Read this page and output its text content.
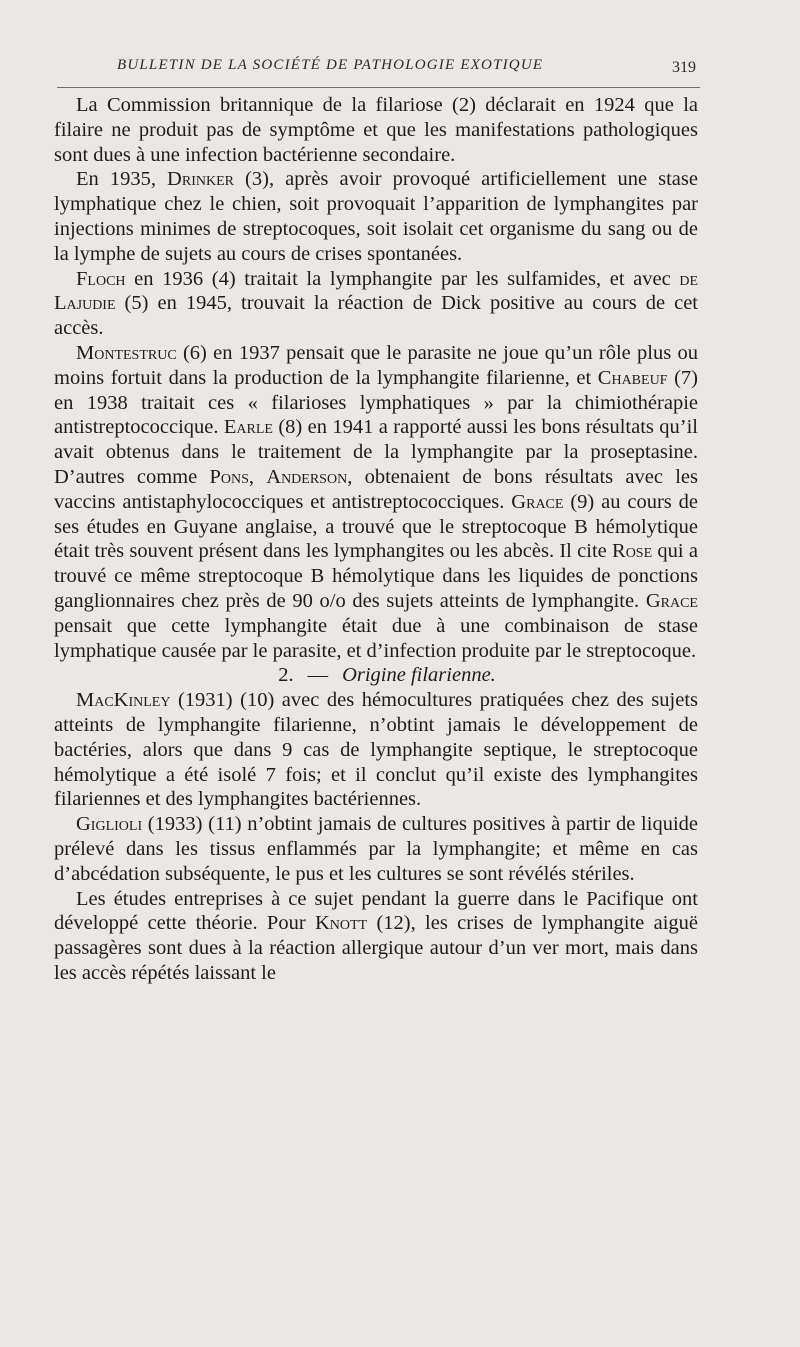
BULLETIN DE LA SOCIÉTÉ DE PATHOLOGIE EXOTIQUE	319

La Commission britannique de la filariose (2) déclarait en 1924 que la filaire ne produit pas de symptôme et que les manifestations pathologiques sont dues à une infection bactérienne secondaire.

En 1935, Drinker (3), après avoir provoqué artificiellement une stase lymphatique chez le chien, soit provoquait l’apparition de lymphangites par injections minimes de streptocoques, soit isolait cet organisme du sang ou de la lymphe de sujets au cours de crises spontanées.

Floch en 1936 (4) traitait la lymphangite par les sulfamides, et avec de Lajudie (5) en 1945, trouvait la réaction de Dick positive au cours de cet accès.

Montestruc (6) en 1937 pensait que le parasite ne joue qu’un rôle plus ou moins fortuit dans la production de la lymphangite filarienne, et Chabeuf (7) en 1938 traitait ces « filarioses lymphatiques » par la chimiothérapie antistreptococcique. Earle (8) en 1941 a rapporté aussi les bons résultats qu’il avait obtenus dans le traitement de la lymphangite par la proseptasine. D’autres comme Pons, Anderson, obtenaient de bons résultats avec les vaccins antistaphylococciques et antistreptococciques. Grace (9) au cours de ses études en Guyane anglaise, a trouvé que le streptocoque B hémolytique était très souvent présent dans les lymphangites ou les abcès. Il cite Rose qui a trouvé ce même streptocoque B hémolytique dans les liquides de ponctions ganglionnaires chez près de 90 o/o des sujets atteints de lymphangite. Grace pensait que cette lymphangite était due à une combinaison de stase lymphatique causée par le parasite, et d’infection produite par le streptocoque.

2. — Origine filarienne.

MacKinley (1931) (10) avec des hémocultures pratiquées chez des sujets atteints de lymphangite filarienne, n’obtint jamais le développement de bactéries, alors que dans 9 cas de lymphangite septique, le streptocoque hémolytique a été isolé 7 fois; et il conclut qu’il existe des lymphangites filariennes et des lymphangites bactériennes.

Giglioli (1933) (11) n’obtint jamais de cultures positives à partir de liquide prélevé dans les tissus enflammés par la lymphangite; et même en cas d’abcédation subséquente, le pus et les cultures se sont révélés stériles.

Les études entreprises à ce sujet pendant la guerre dans le Pacifique ont développé cette théorie. Pour Knott (12), les crises de lymphangite aiguë passagères sont dues à la réaction allergique autour d’un ver mort, mais dans les accès répétés laissant le
